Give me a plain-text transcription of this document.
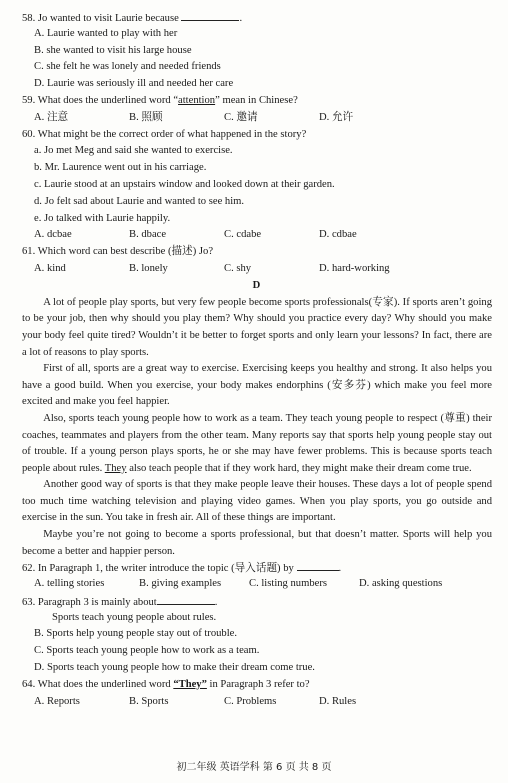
58. Jo wanted to visit Laurie because	.
A. Laurie wanted to play with her
B. she wanted to visit his large house
C. she felt he was lonely and needed friends
D. Laurie was seriously ill and needed her care
59. What does the underlined word “attention” mean in Chinese?
A. 注意	B. 照顾	C. 邀请	D. 允许
60. What might be the correct order of what happened in the story?
a. Jo met Meg and said she wanted to exercise.
b. Mr. Laurence went out in his carriage.
c. Laurie stood at an upstairs window and looked down at their garden.
d. Jo felt sad about Laurie and wanted to see him.
e. Jo talked with Laurie happily.
A. dcbae	B. dbace	C. cdabe	D. cdbae
61. Which word can best describe (描述) Jo?
A. kind	B. lonely	C. shy	D. hard-working
D

A lot of people play sports, but very few people become sports professionals(专家). If sports aren’t going to be your job, then why should you play them? Why should you practice every day? Why should you make your body feel quite tired? Wouldn’t it be better to forget sports and only learn your lessons? In fact, there are a lot of reasons to play sports.

First of all, sports are a great way to exercise. Exercising keeps you healthy and strong. It also helps you have a good build. When you exercise, your body makes endorphins (安多芬) which make you feel more excited and make you feel happier.

Also, sports teach young people how to work as a team. They teach young people to respect (尊重) their coaches, teammates and players from the other team. Many reports say that sports help young people stay out of trouble. If a young person plays sports, he or she may have fewer problems. This is because sports teach people about rules. They also teach people that if they work hard, they might make their dream come true.

Another good way of sports is that they make people leave their houses. These days a lot of people spend too much time watching television and playing video games. When you play sports, you go outside and exercise in the sun. You take in fresh air. All of these things are important.

Maybe you’re not going to become a sports professional, but that doesn’t matter. Sports will help you become a better and happier person.

62. In Paragraph 1, the writer introduce the topic (导入话题) by	.
A. telling stories	B. giving examples	C. listing numbers	D. asking questions
63. Paragraph 3 is mainly about	.
Sports teach young people about rules.
B. Sports help young people stay out of trouble.
C. Sports teach young people how to work as a team.
D. Sports teach young people how to make their dream come true.
64. What does the underlined word “They” in Paragraph 3 refer to?
A. Reports	B. Sports	C. Problems	D. Rules
初二年级 英语学科 第 6 页 共 8 页
